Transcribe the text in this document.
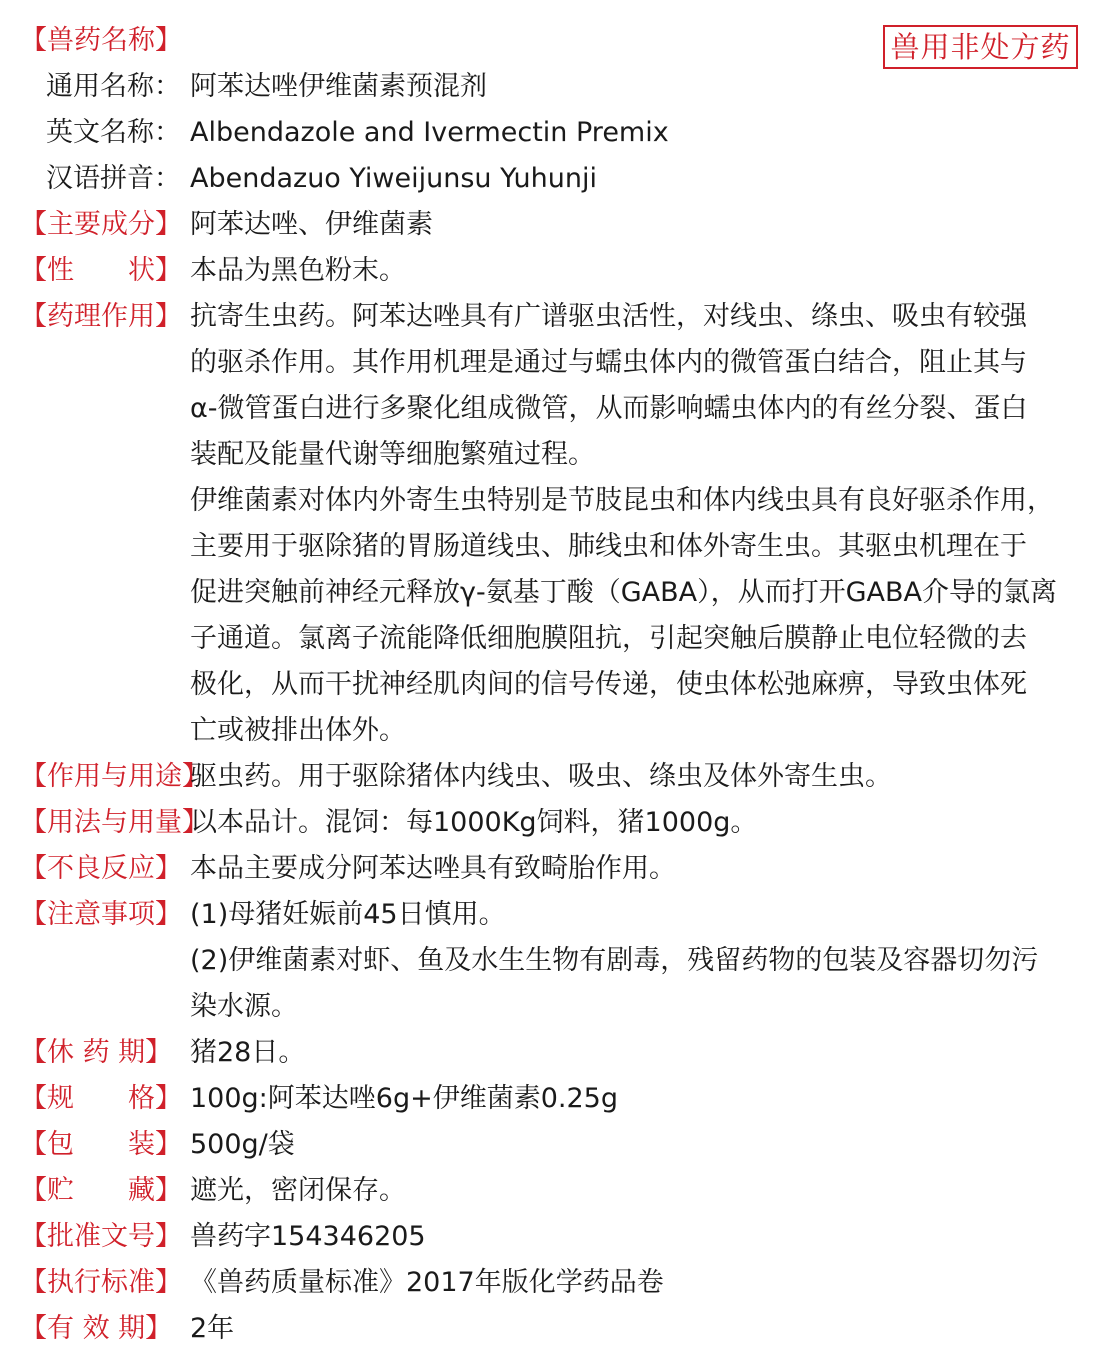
兽用非处方药
【兽药名称】
通用名称： 阿苯达唑伊维菌素预混剂
英文名称： Albendazole and Ivermectin Premix
汉语拼音： Abendazuo Yiweijunsu Yuhunji
【主要成分】 阿苯达唑、伊维菌素
【性　　状】 本品为黑色粉末。
【药理作用】 抗寄生虫药。阿苯达唑具有广谱驱虫活性，对线虫、绦虫、吸虫有较强
的驱杀作用。其作用机理是通过与蠕虫体内的微管蛋白结合，阻止其与
α-微管蛋白进行多聚化组成微管，从而影响蠕虫体内的有丝分裂、蛋白
装配及能量代谢等细胞繁殖过程。
伊维菌素对体内外寄生虫特别是节肢昆虫和体内线虫具有良好驱杀作用，
主要用于驱除猪的胃肠道线虫、肺线虫和体外寄生虫。其驱虫机理在于
促进突触前神经元释放γ-氨基丁酸（GABA），从而打开GABA介导的氯离
子通道。氯离子流能降低细胞膜阻抗，引起突触后膜静止电位轻微的去
极化，从而干扰神经肌肉间的信号传递，使虫体松弛麻痹，导致虫体死
亡或被排出体外。
【作用与用途】
驱虫药。用于驱除猪体内线虫、吸虫、绦虫及体外寄生虫。
【用法与用量】
以本品计。混饲：每1000Kg饲料，猪1000g。
【不良反应】 本品主要成分阿苯达唑具有致畸胎作用。
【注意事项】 (1)母猪妊娠前45日慎用。
(2)伊维菌素对虾、鱼及水生生物有剧毒，残留药物的包装及容器切勿污
染水源。
【休 药 期】 猪28日。
【规　　格】 100g:阿苯达唑6g+伊维菌素0.25g
【包　　装】 500g/袋
【贮　　藏】 遮光，密闭保存。
【批准文号】 兽药字154346205
【执行标准】 《兽药质量标准》2017年版化学药品卷
【有 效 期】 2年
